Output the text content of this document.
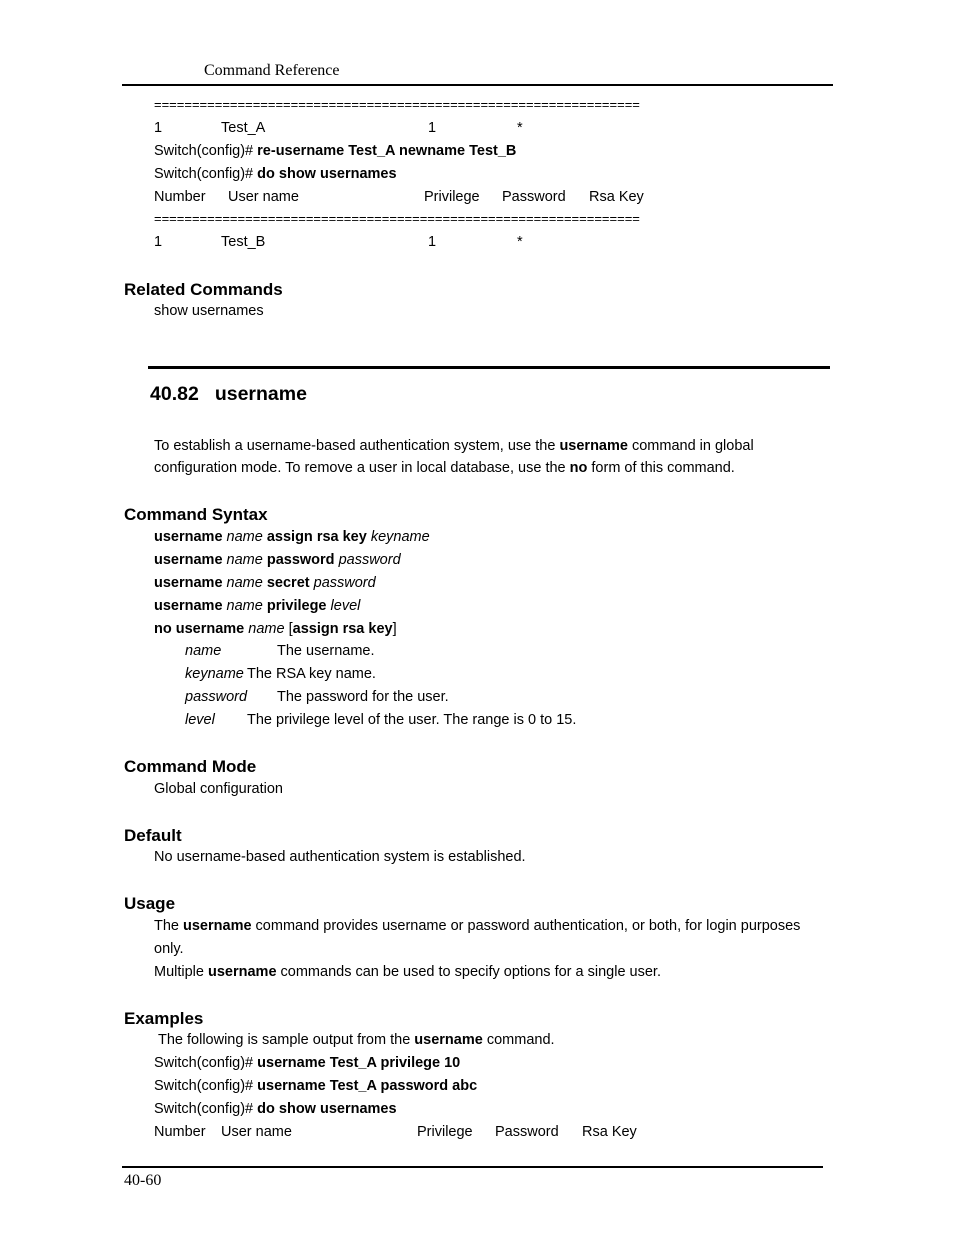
Command Reference
================================================================
1	Test_A	1	*
Switch(config)# re-username Test_A newname Test_B
Switch(config)# do show usernames
Number User name	Privilege Password Rsa Key
================================================================
1	Test_B	1	*
Related Commands
show usernames
40.82 username
To establish a username-based authentication system, use the username command in global
configuration mode. To remove a user in local database, use the no form of this command.
Command Syntax
username name assign rsa key keyname
username name password password
username name secret password
username name privilege level
no username name [assign rsa key]
name	The username.
keyname The RSA key name.
password The password for the user.
level The privilege level of the user. The range is 0 to 15.
Command Mode
Global configuration
Default
No username-based authentication system is established.
Usage
The username command provides username or password authentication, or both, for login purposes
only.
Multiple username commands can be used to specify options for a single user.
Examples
The following is sample output from the username command.
Switch(config)# username Test_A privilege 10
Switch(config)# username Test_A password abc
Switch(config)# do show usernames
Number User name	Privilege Password Rsa Key
40-60
